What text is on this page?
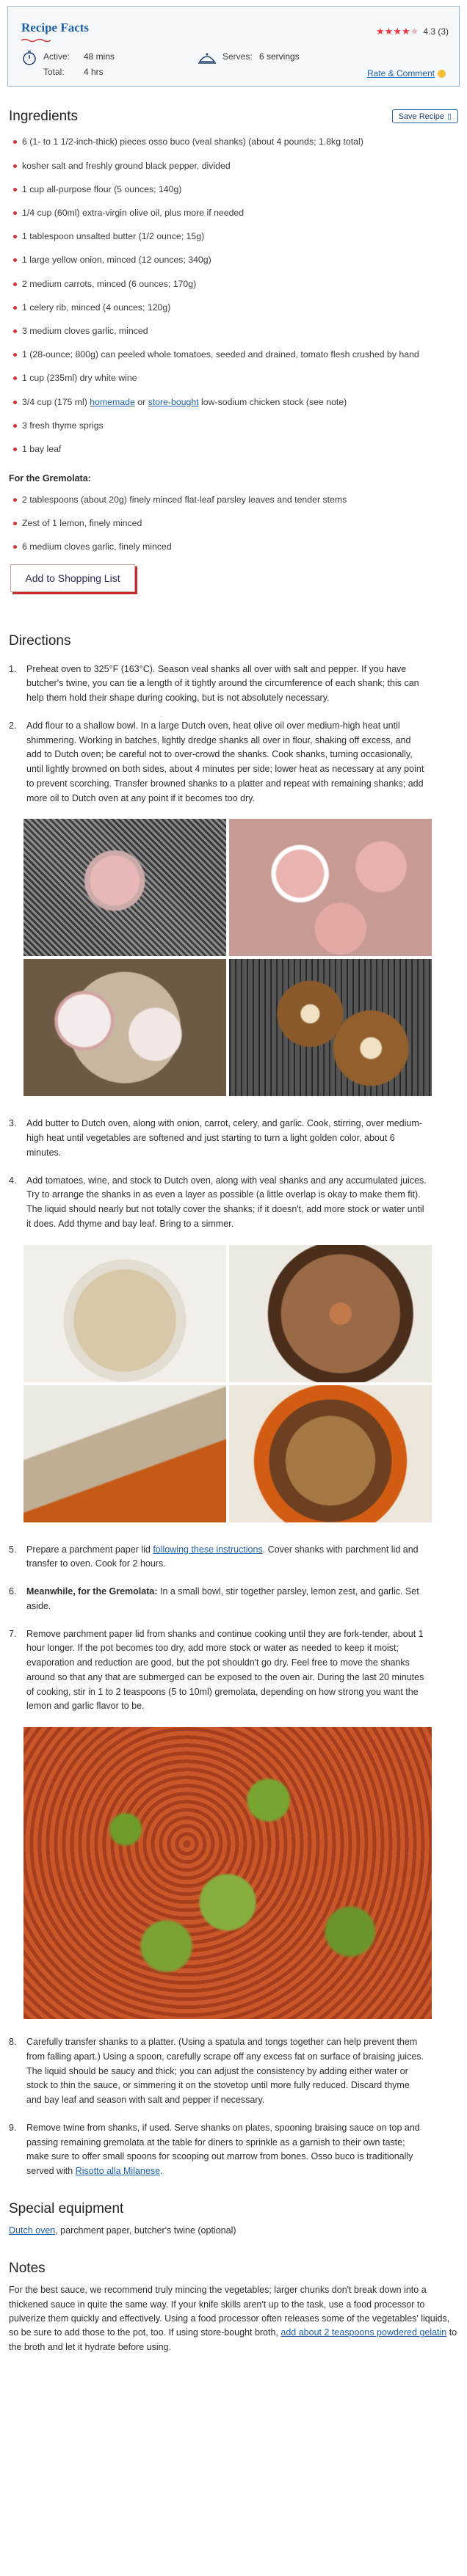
Recipe Facts	★★★★★ 4.3 (3)
Active:	48 mins
Total:	4 hrs
Serves: 6 servings
Rate & Comment
Ingredients	Save Recipe ▯
6 (1- to 1 1/2-inch-thick) pieces osso buco (veal shanks) (about 4 pounds; 1.8kg total)
kosher salt and freshly ground black pepper, divided
1 cup all-purpose flour (5 ounces; 140g)
1/4 cup (60ml) extra-virgin olive oil, plus more if needed
1 tablespoon unsalted butter (1/2 ounce; 15g)
1 large yellow onion, minced (12 ounces; 340g)
2 medium carrots, minced (6 ounces; 170g)
1 celery rib, minced (4 ounces; 120g)
3 medium cloves garlic, minced
1 (28-ounce; 800g) can peeled whole tomatoes, seeded and drained, tomato flesh crushed by hand
1 cup (235ml) dry white wine
3/4 cup (175 ml) homemade or store-bought low-sodium chicken stock (see note)
3 fresh thyme sprigs
1 bay leaf
For the Gremolata:
2 tablespoons (about 20g) finely minced flat-leaf parsley leaves and tender stems
Zest of 1 lemon, finely minced
6 medium cloves garlic, finely minced
Add to Shopping List
Directions
1. Preheat oven to 325°F (163°C). Season veal shanks all over with salt and pepper. If you have butcher's twine, you can tie a length of it tightly around the circumference of each shank; this can help them hold their shape during cooking, but is not absolutely necessary.

2. Add flour to a shallow bowl. In a large Dutch oven, heat olive oil over medium-high heat until shimmering. Working in batches, lightly dredge shanks all over in flour, shaking off excess, and add to Dutch oven; be careful not to over-crowd the shanks. Cook shanks, turning occasionally, until lightly browned on both sides, about 4 minutes per side; lower heat as necessary at any point to prevent scorching. Transfer browned shanks to a platter and repeat with remaining shanks; add more oil to Dutch oven at any point if it becomes too dry.

3. Add butter to Dutch oven, along with onion, carrot, celery, and garlic. Cook, stirring, over medium-high heat until vegetables are softened and just starting to turn a light golden color, about 6 minutes.

4. Add tomatoes, wine, and stock to Dutch oven, along with veal shanks and any accumulated juices. Try to arrange the shanks in as even a layer as possible (a little overlap is okay to make them fit). The liquid should nearly but not totally cover the shanks; if it doesn't, add more stock or water until it does. Add thyme and bay leaf. Bring to a simmer.

5. Prepare a parchment paper lid following these instructions. Cover shanks with parchment lid and transfer to oven. Cook for 2 hours.

6. Meanwhile, for the Gremolata: In a small bowl, stir together parsley, lemon zest, and garlic. Set aside.

7. Remove parchment paper lid from shanks and continue cooking until they are fork-tender, about 1 hour longer. If the pot becomes too dry, add more stock or water as needed to keep it moist; evaporation and reduction are good, but the pot shouldn't go dry. Feel free to move the shanks around so that any that are submerged can be exposed to the oven air. During the last 20 minutes of cooking, stir in 1 to 2 teaspoons (5 to 10ml) gremolata, depending on how strong you want the lemon and garlic flavor to be.

8. Carefully transfer shanks to a platter. (Using a spatula and tongs together can help prevent them from falling apart.) Using a spoon, carefully scrape off any excess fat on surface of braising juices. The liquid should be saucy and thick; you can adjust the consistency by adding either water or stock to thin the sauce, or simmering it on the stovetop until more fully reduced. Discard thyme and bay leaf and season with salt and pepper if necessary.

9. Remove twine from shanks, if used. Serve shanks on plates, spooning braising sauce on top and passing remaining gremolata at the table for diners to sprinkle as a garnish to their own taste; make sure to offer small spoons for scooping out marrow from bones. Osso buco is traditionally served with Risotto alla Milanese.

Special equipment

Dutch oven, parchment paper, butcher's twine (optional)

Notes

For the best sauce, we recommend truly mincing the vegetables; larger chunks don't break down into a thickened sauce in quite the same way. If your knife skills aren't up to the task, use a food processor to pulverize them quickly and effectively. Using a food processor often releases some of the vegetables' liquids, so be sure to add those to the pot, too. If using store-bought broth, add about 2 teaspoons powdered gelatin to the broth and let it hydrate before using.
